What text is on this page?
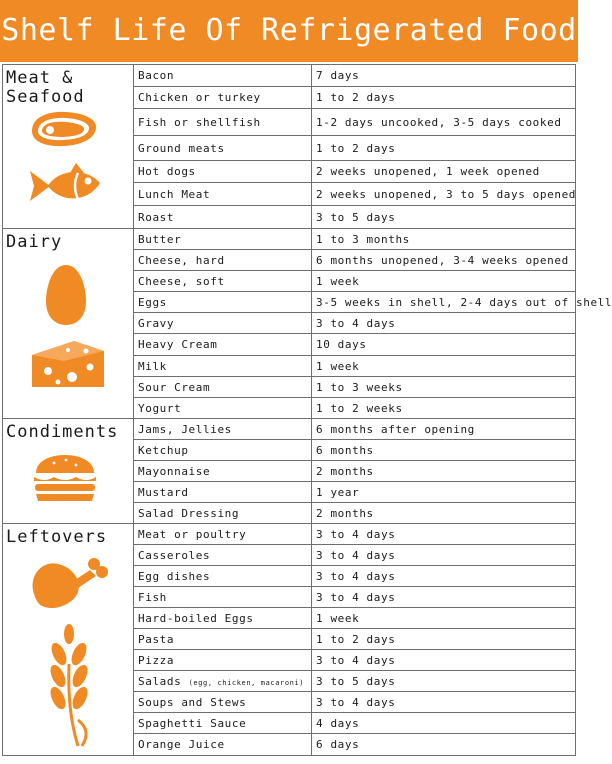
Shelf Life Of Refrigerated Food
Meat &
Seafood	Bacon	7 days
	Chicken or turkey	1 to 2 days
	Fish or shellfish	1-2 days uncooked, 3-5 days cooked
	Ground meats	1 to 2 days
	Hot dogs	2 weeks unopened, 1 week opened
	Lunch Meat	2 weeks unopened, 3 to 5 days opened
	Roast	3 to 5 days

Dairy	Butter	1 to 3 months
	Cheese, hard	6 months unopened, 3-4 weeks opened
	Cheese, soft	1 week
	Eggs	3-5 weeks in shell, 2-4 days out of shell
	Gravy	3 to 4 days
	Heavy Cream	10 days
	Milk	1 week
	Sour Cream	1 to 3 weeks
	Yogurt	1 to 2 weeks

Condiments	Jams, Jellies	6 months after opening
	Ketchup	6 months
	Mayonnaise	2 months
	Mustard	1 year
	Salad Dressing	2 months

Leftovers	Meat or poultry	3 to 4 days
	Casseroles	3 to 4 days
	Egg dishes	3 to 4 days
	Fish	3 to 4 days
	Hard-boiled Eggs	1 week
	Pasta	1 to 2 days
	Pizza	3 to 4 days
	Salads (egg, chicken, macaroni)	3 to 5 days
	Soups and Stews	3 to 4 days
	Spaghetti Sauce	4 days
	Orange Juice	6 days
